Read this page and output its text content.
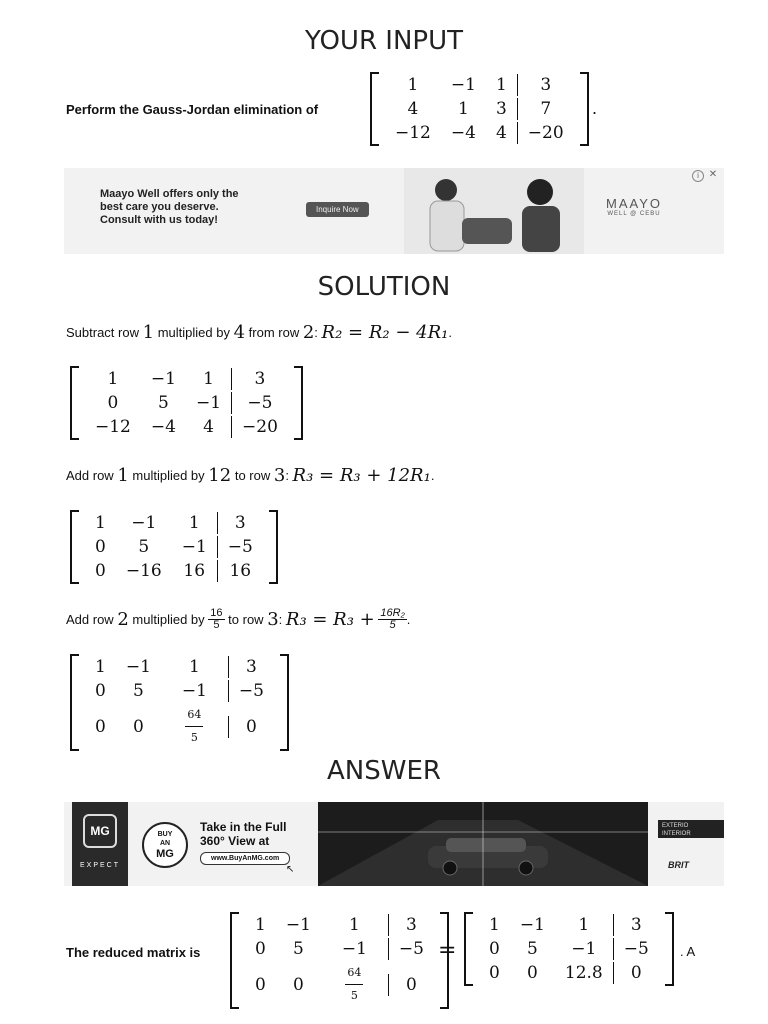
YOUR INPUT
Perform the Gauss-Jordan elimination of
1	−1	1	3
4	1	3	7
−12	−4	4	−20
.
Maayo Well offers only the
best care you deserve.
Consult with us today!
Inquire Now	MAAYO
WELL @ CEBU
i ✕
SOLUTION
Subtract row
1
multiplied by
4
from row
2 : R₂ = R₂ − 4R₁ .
1	−1	1	3
0	5	−1	−5
−12	−4	4	−20
Add row
1
multiplied by
12
to row
3 : R₃ = R₃ + 12R₁ .
1	−1	1	3
0	5	−1	−5
0	−16	16	16
Add row
2
multiplied by
$\frac{16}{5}$
to row
3 : R₃ = R₃ +
$\frac{\text{16R₂}}{5}$ .
1	−1	1	3
0	5	−1	−5
0	0	$\frac{64}{5}$	0
ANSWER
MG
EXPECT
BUY
AN
MG
Take in the Full
360° View at
www.BuyAnMG.com
↖
EXTERIO
INTERIOR
BRIT
The reduced matrix is
1	−1	1	3
0	5	−1	−5
0	0	$\frac{64}{5}$	0
=
1	−1	1	3
0	5	−1	−5
0	0	12.8	0
. A
